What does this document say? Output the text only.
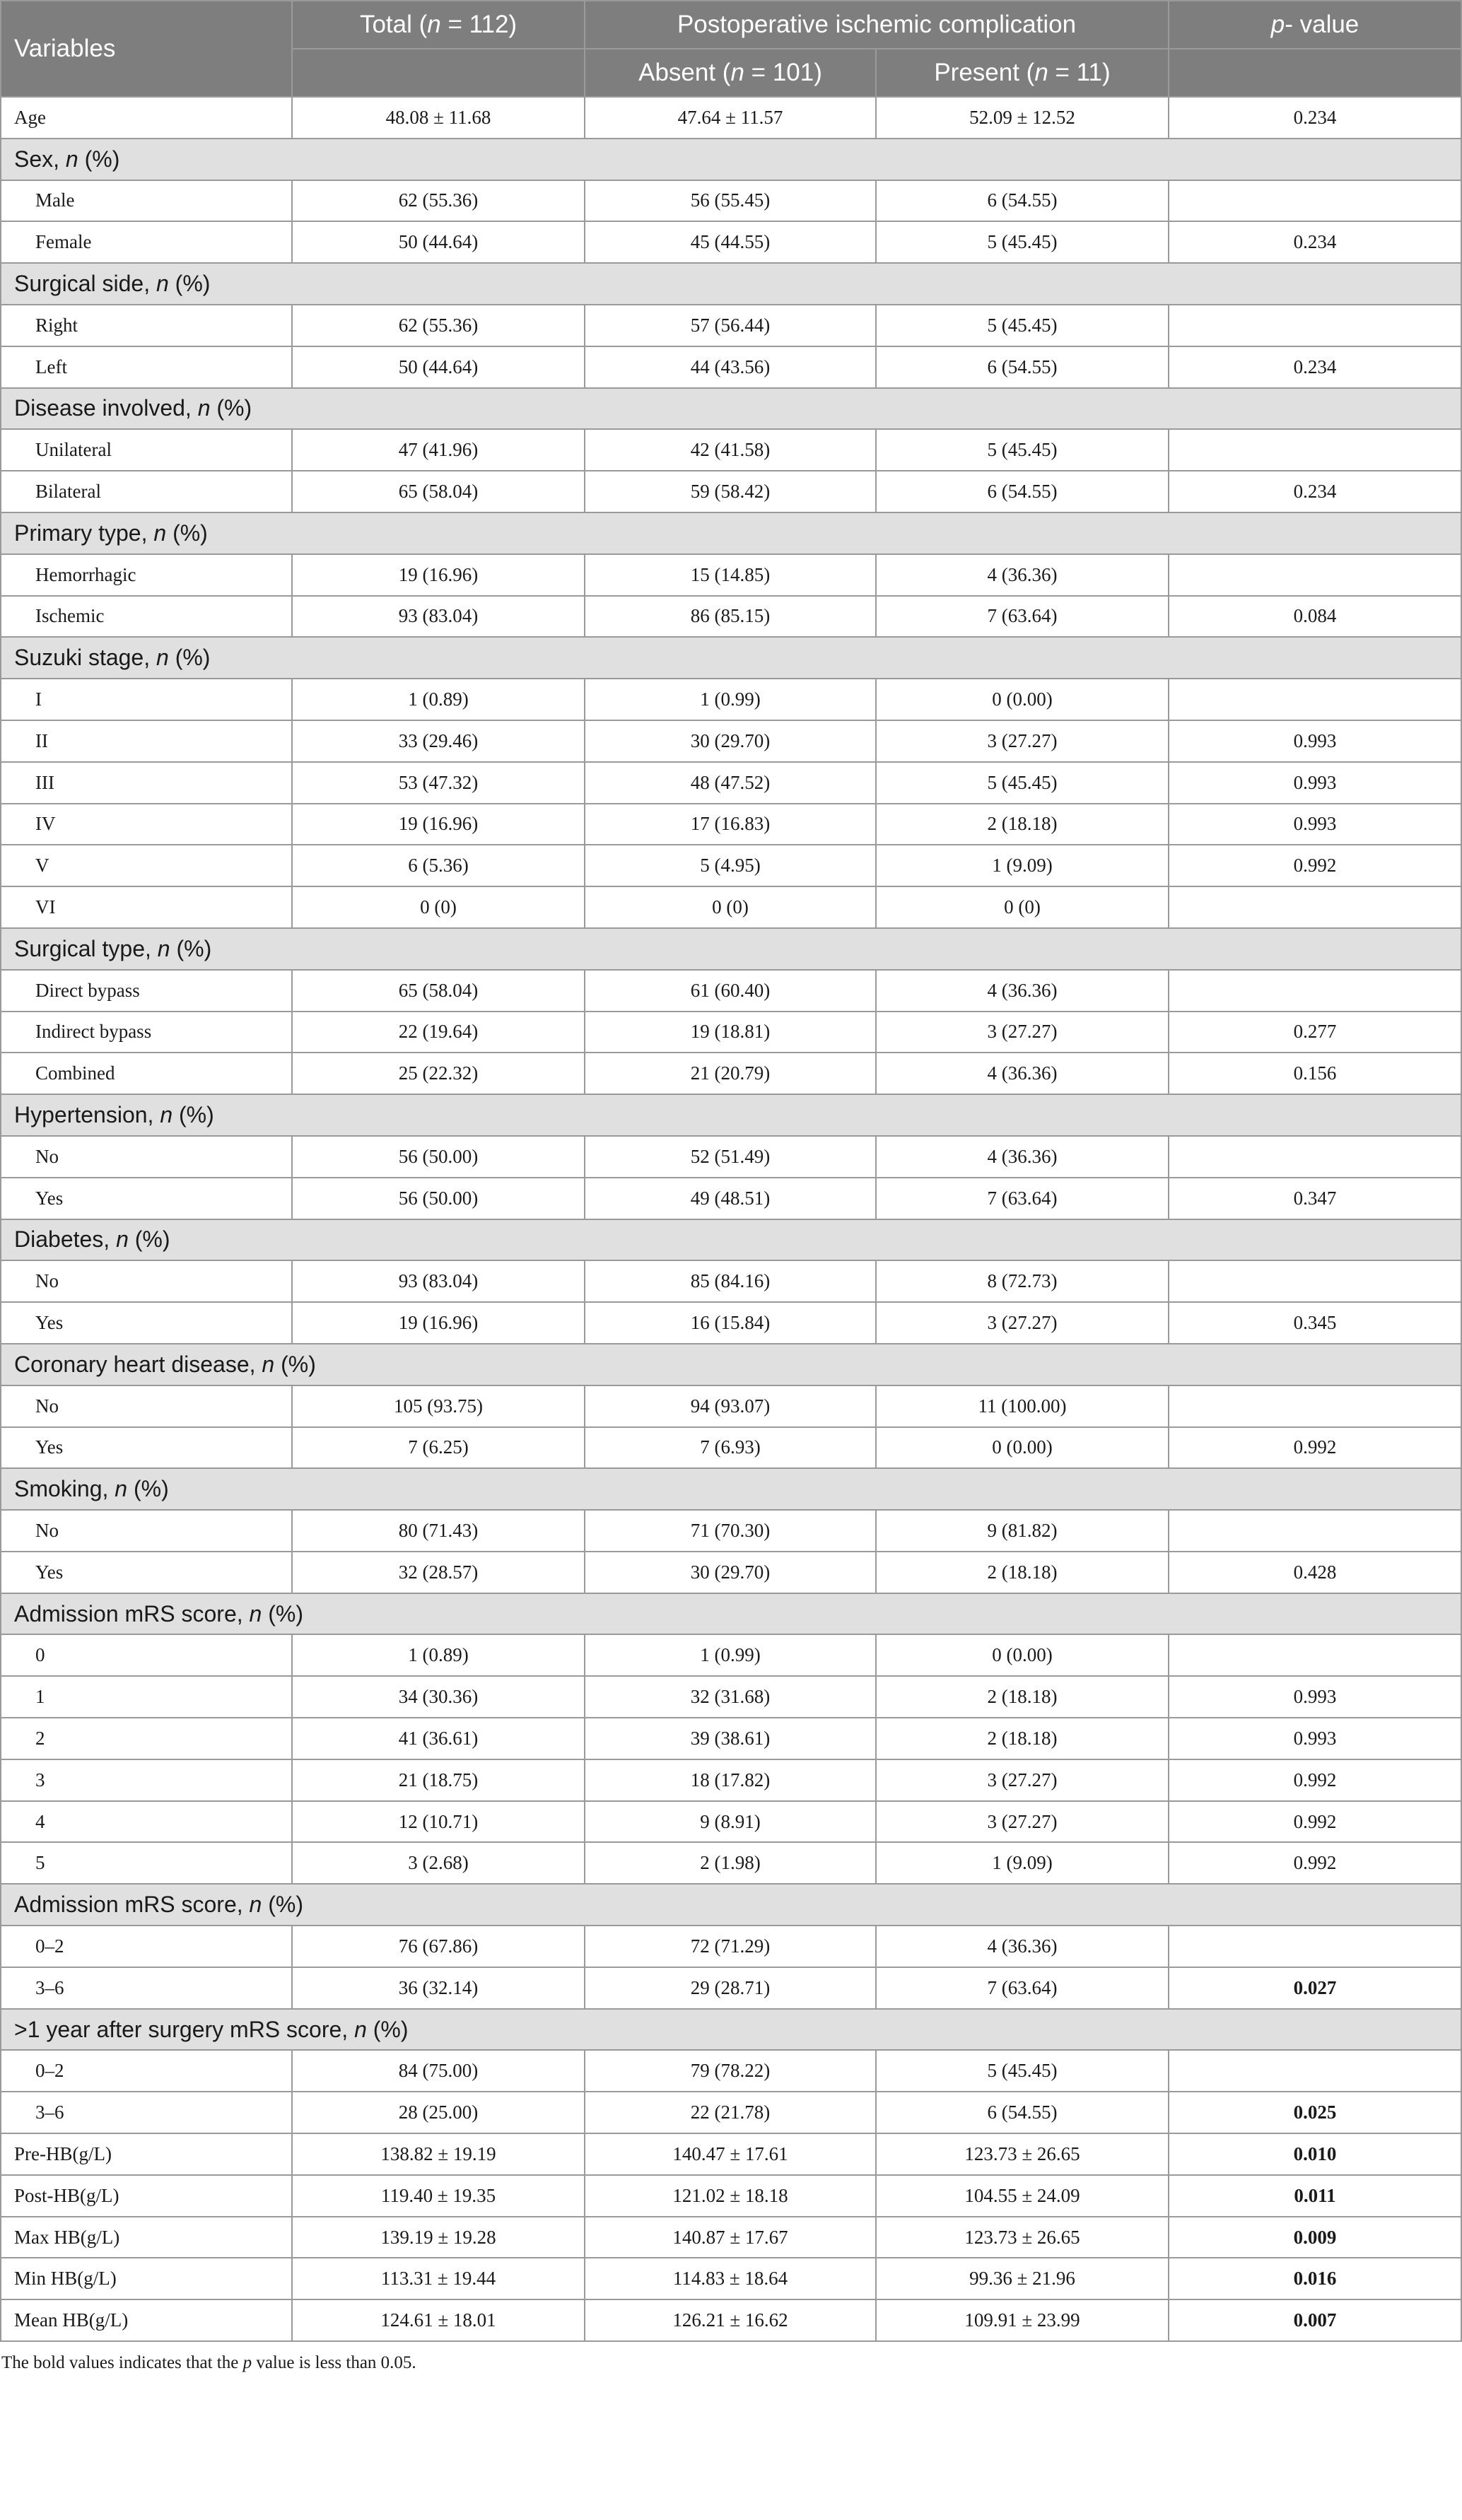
Variables	Total (n = 112)	Postoperative ischemic complication		p- value
		Absent (n = 101)	Present (n = 11)	
Age	48.08 ± 11.68	47.64 ± 11.57	52.09 ± 12.52	0.234
Sex, n (%)				
Male	62 (55.36)	56 (55.45)	6 (54.55)	
Female	50 (44.64)	45 (44.55)	5 (45.45)	0.234
Surgical side, n (%)				
Right	62 (55.36)	57 (56.44)	5 (45.45)	
Left	50 (44.64)	44 (43.56)	6 (54.55)	0.234
Disease involved, n (%)				
Unilateral	47 (41.96)	42 (41.58)	5 (45.45)	
Bilateral	65 (58.04)	59 (58.42)	6 (54.55)	0.234
Primary type, n (%)				
Hemorrhagic	19 (16.96)	15 (14.85)	4 (36.36)	
Ischemic	93 (83.04)	86 (85.15)	7 (63.64)	0.084
Suzuki stage, n (%)				
I	1 (0.89)	1 (0.99)	0 (0.00)	
II	33 (29.46)	30 (29.70)	3 (27.27)	0.993
III	53 (47.32)	48 (47.52)	5 (45.45)	0.993
IV	19 (16.96)	17 (16.83)	2 (18.18)	0.993
V	6 (5.36)	5 (4.95)	1 (9.09)	0.992
VI	0 (0)	0 (0)	0 (0)	
Surgical type, n (%)				
Direct bypass	65 (58.04)	61 (60.40)	4 (36.36)	
Indirect bypass	22 (19.64)	19 (18.81)	3 (27.27)	0.277
Combined	25 (22.32)	21 (20.79)	4 (36.36)	0.156
Hypertension, n (%)				
No	56 (50.00)	52 (51.49)	4 (36.36)	
Yes	56 (50.00)	49 (48.51)	7 (63.64)	0.347
Diabetes, n (%)				
No	93 (83.04)	85 (84.16)	8 (72.73)	
Yes	19 (16.96)	16 (15.84)	3 (27.27)	0.345
Coronary heart disease, n (%)				
No	105 (93.75)	94 (93.07)	11 (100.00)	
Yes	7 (6.25)	7 (6.93)	0 (0.00)	0.992
Smoking, n (%)				
No	80 (71.43)	71 (70.30)	9 (81.82)	
Yes	32 (28.57)	30 (29.70)	2 (18.18)	0.428
Admission mRS score, n (%)				
0	1 (0.89)	1 (0.99)	0 (0.00)	
1	34 (30.36)	32 (31.68)	2 (18.18)	0.993
2	41 (36.61)	39 (38.61)	2 (18.18)	0.993
3	21 (18.75)	18 (17.82)	3 (27.27)	0.992
4	12 (10.71)	9 (8.91)	3 (27.27)	0.992
5	3 (2.68)	2 (1.98)	1 (9.09)	0.992
Admission mRS score, n (%)				
0–2	76 (67.86)	72 (71.29)	4 (36.36)	
3–6	36 (32.14)	29 (28.71)	7 (63.64)	0.027
>1 year after surgery mRS score, n (%)				
0–2	84 (75.00)	79 (78.22)	5 (45.45)	
3–6	28 (25.00)	22 (21.78)	6 (54.55)	0.025
Pre-HB(g/L)	138.82 ± 19.19	140.47 ± 17.61	123.73 ± 26.65	0.010
Post-HB(g/L)	119.40 ± 19.35	121.02 ± 18.18	104.55 ± 24.09	0.011
Max HB(g/L)	139.19 ± 19.28	140.87 ± 17.67	123.73 ± 26.65	0.009
Min HB(g/L)	113.31 ± 19.44	114.83 ± 18.64	99.36 ± 21.96	0.016
Mean HB(g/L)	124.61 ± 18.01	126.21 ± 16.62	109.91 ± 23.99	0.007
The bold values indicates that the p value is less than 0.05.
